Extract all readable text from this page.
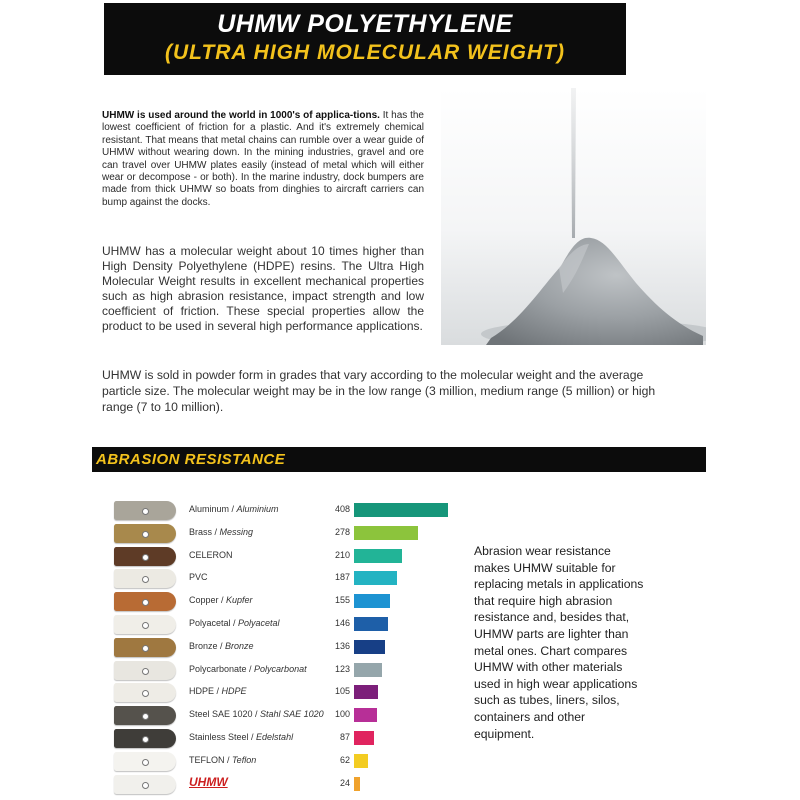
UHMW POLYETHYLENE
(ULTRA HIGH MOLECULAR WEIGHT)
UHMW is used around the world in 1000's of applica-tions. It has the lowest coefficient of friction for a plastic. And it's extremely chemical resistant. That means that metal chains can rumble over a wear guide of UHMW without wearing down. In the mining industries, gravel and ore can travel over UHMW plates easily (instead of metal which will either wear or decompose - or both). In the marine industry, dock bumpers are made from thick UHMW so boats from dinghies to aircraft carriers can bump against the docks.
UHMW has a molecular weight about 10 times higher than High Density Polyethylene (HDPE) resins. The Ultra High Molecular Weight results in excellent mechanical properties such as high abrasion resistance, impact strength and low coefficient of friction. These special properties allow the product to be used in several high performance applications.
UHMW is sold in powder form in grades that vary according to the molecular weight and the average particle size. The molecular weight may be in the low range (3 million, medium range (5 million) or high range (7 to 10 million).
ABRASION RESISTANCE
Aluminum / Aluminium	408
Brass / Messing	278
CELERON	210
PVC	187
Copper / Kupfer	155
Polyacetal / Polyacetal	146
Bronze / Bronze	136
Polycarbonate / Polycarbonat	123
HDPE / HDPE	105
Steel SAE 1020 / Stahl SAE 1020	100
Stainless Steel / Edelstahl	87
TEFLON / Teflon	62
UHMW	24
Abrasion wear resistance makes UHMW suitable for replacing metals in applications that require high abrasion resistance and, besides that, UHMW parts are lighter than metal ones. Chart compares UHMW with other materials used in high wear applications such as tubes, liners, silos, containers and other equipment.
